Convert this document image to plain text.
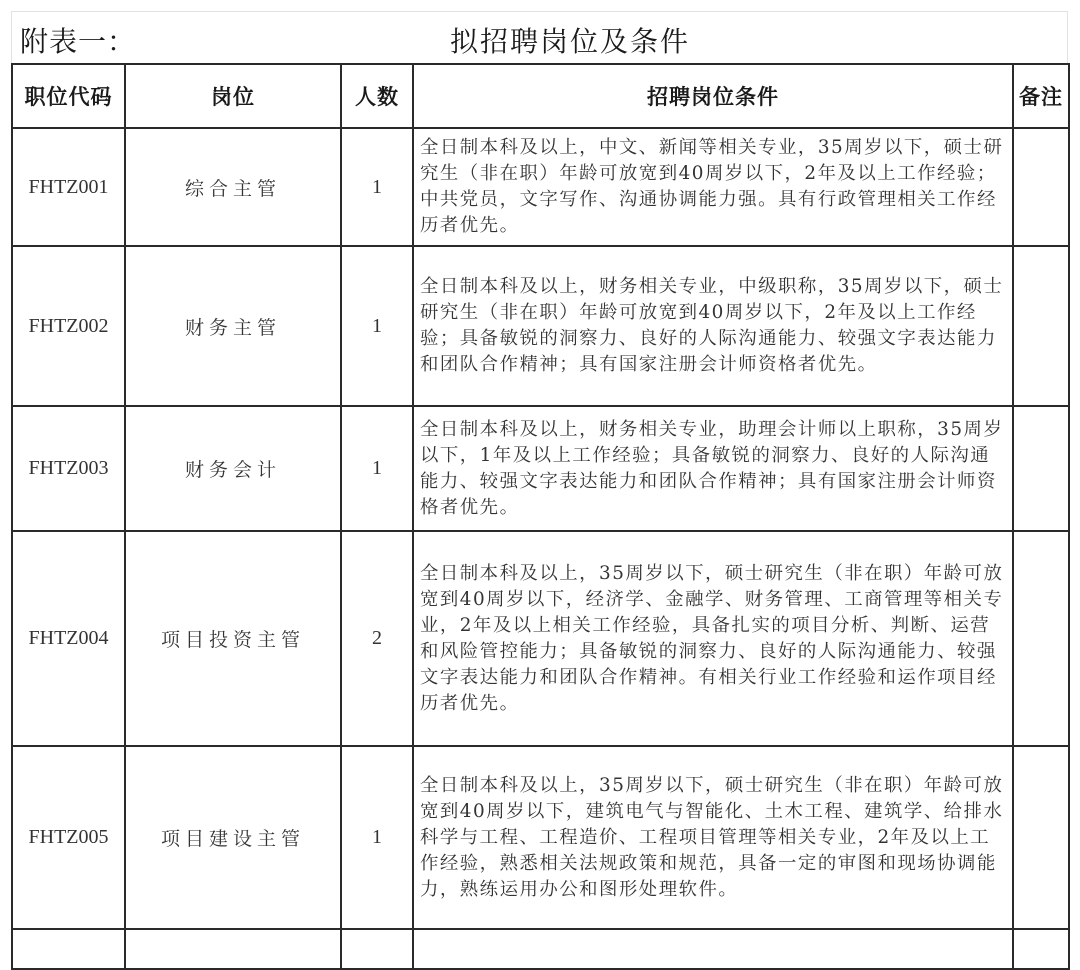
附表一：	拟招聘岗位及条件
职位代码	岗位	人数	招聘岗位条件	备注
FHTZ001	综合主管	1	全日制本科及以上，中文、新闻等相关专业，35周岁以下，硕士研究生（非在职）年龄可放宽到40周岁以下，2年及以上工作经验；中共党员，文字写作、沟通协调能力强。具有行政管理相关工作经历者优先。	
FHTZ002	财务主管	1	全日制本科及以上，财务相关专业，中级职称，35周岁以下，硕士研究生（非在职）年龄可放宽到40周岁以下，2年及以上工作经验；具备敏锐的洞察力、良好的人际沟通能力、较强文字表达能力和团队合作精神；具有国家注册会计师资格者优先。	
FHTZ003	财务会计	1	全日制本科及以上，财务相关专业，助理会计师以上职称，35周岁以下，1年及以上工作经验；具备敏锐的洞察力、良好的人际沟通能力、较强文字表达能力和团队合作精神；具有国家注册会计师资格者优先。	
FHTZ004	项目投资主管	2	全日制本科及以上，35周岁以下，硕士研究生（非在职）年龄可放宽到40周岁以下，经济学、金融学、财务管理、工商管理等相关专业，2年及以上相关工作经验，具备扎实的项目分析、判断、运营和风险管控能力；具备敏锐的洞察力、良好的人际沟通能力、较强文字表达能力和团队合作精神。有相关行业工作经验和运作项目经历者优先。	
FHTZ005	项目建设主管	1	全日制本科及以上，35周岁以下，硕士研究生（非在职）年龄可放宽到40周岁以下，建筑电气与智能化、土木工程、建筑学、给排水科学与工程、工程造价、工程项目管理等相关专业，2年及以上工作经验，熟悉相关法规政策和规范，具备一定的审图和现场协调能力，熟练运用办公和图形处理软件。	
